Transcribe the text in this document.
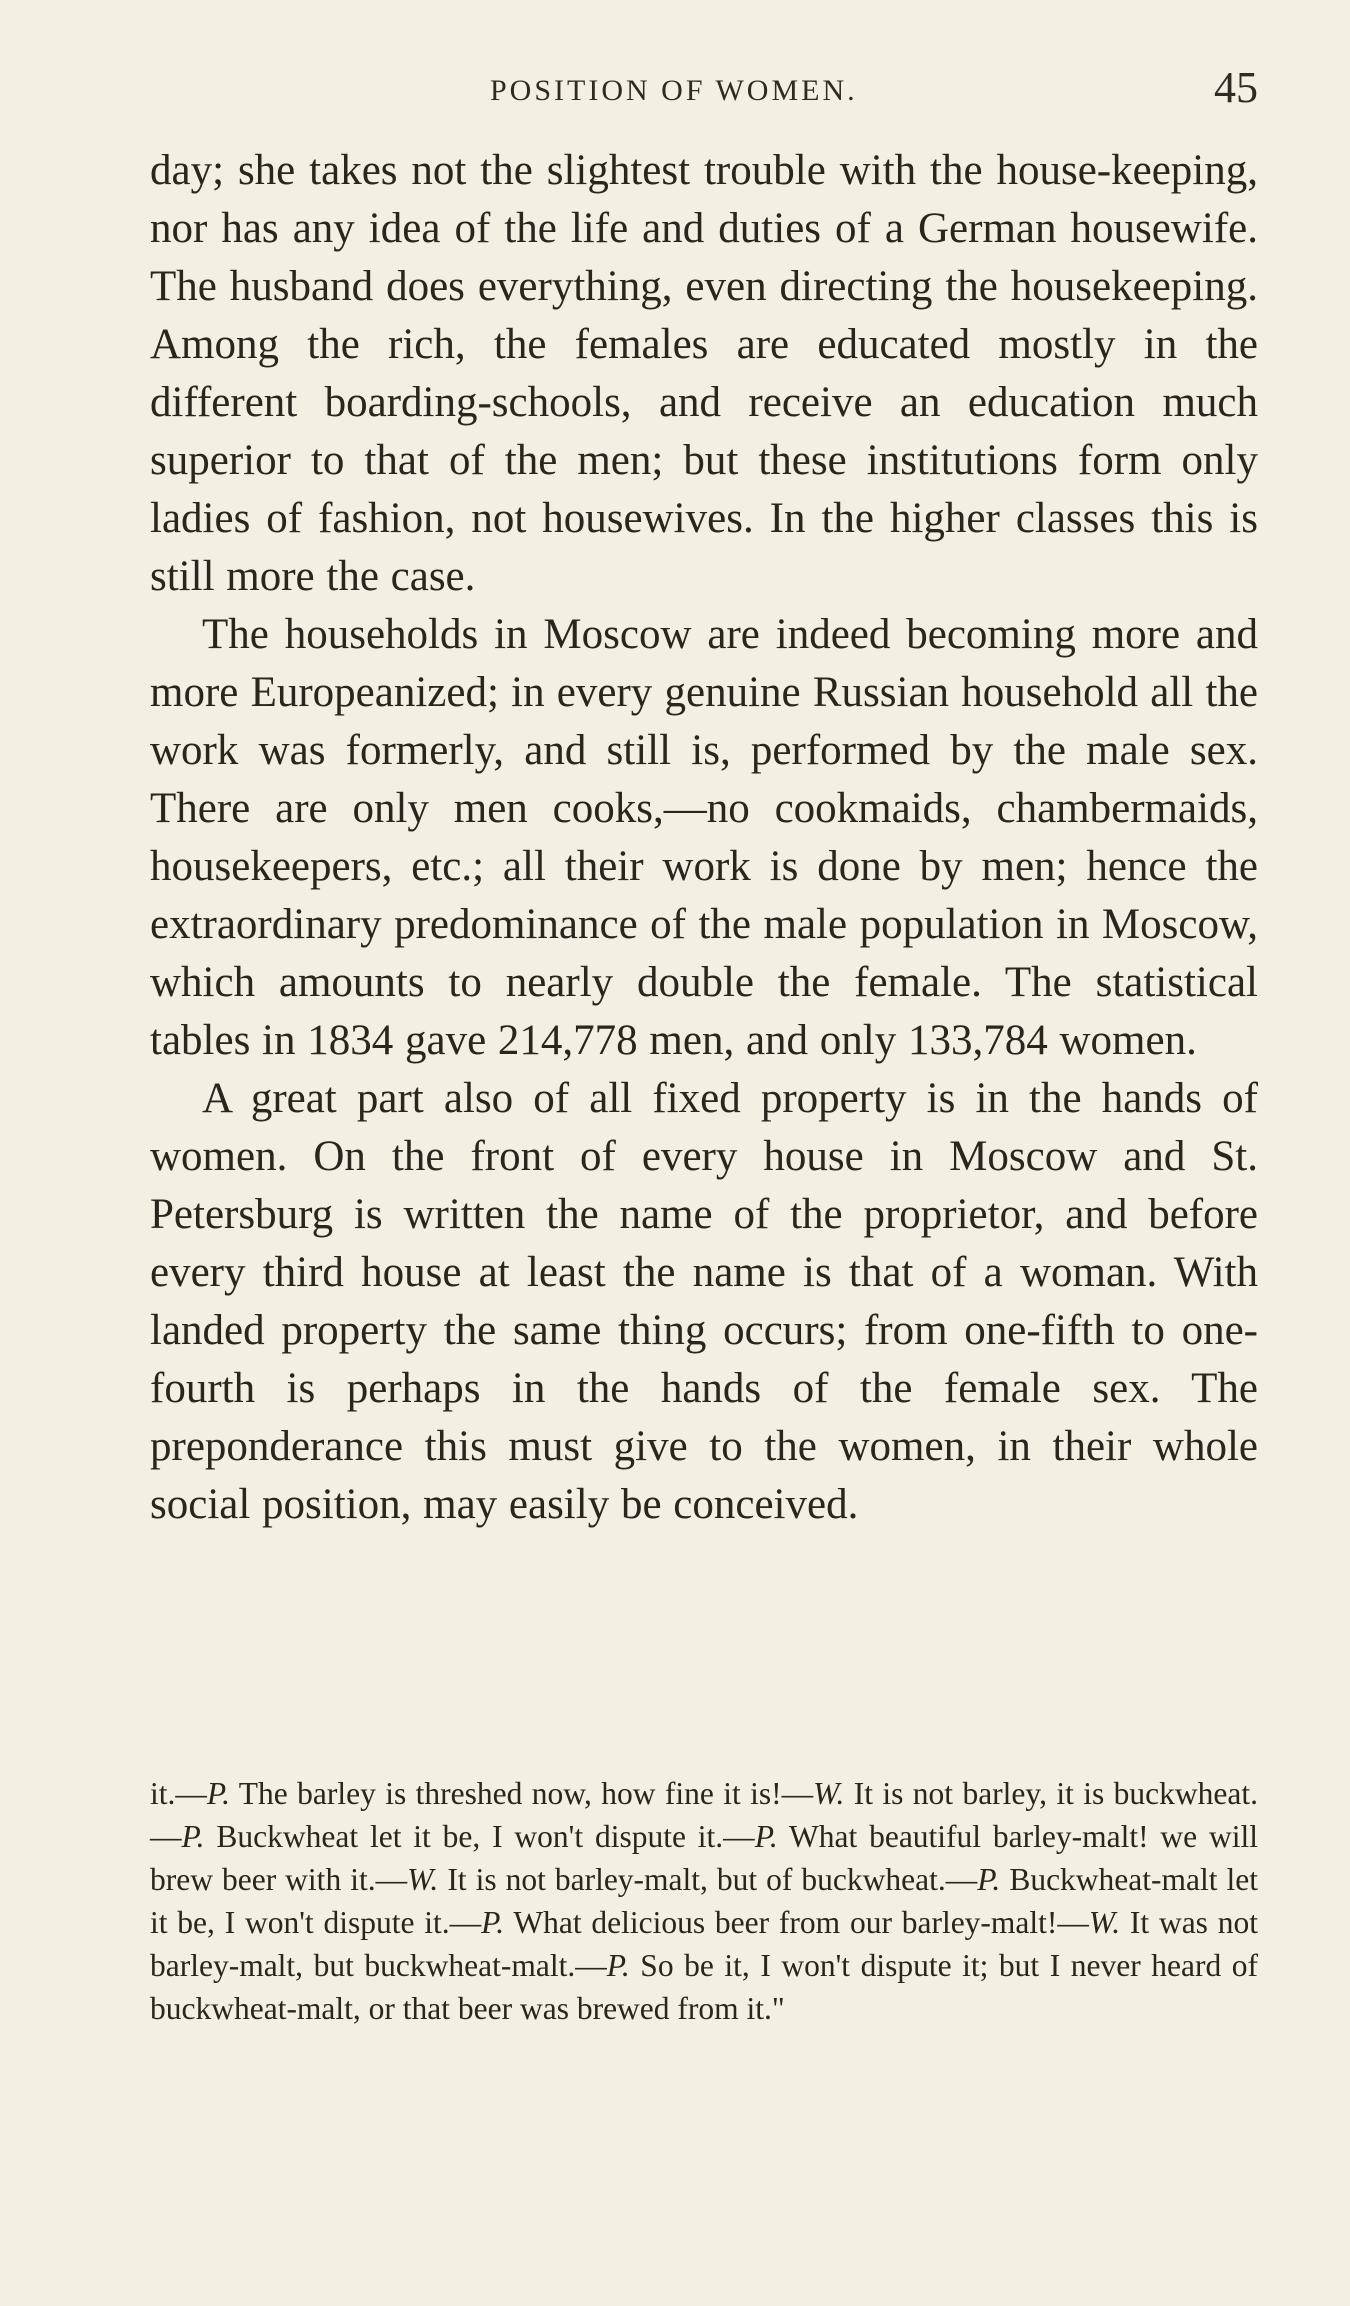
POSITION OF WOMEN.	45

day; she takes not the slightest trouble with the house-keeping, nor has any idea of the life and duties of a German housewife. The husband does everything, even directing the housekeeping. Among the rich, the females are educated mostly in the different boarding-schools, and receive an education much superior to that of the men; but these institutions form only ladies of fashion, not housewives. In the higher classes this is still more the case.

The households in Moscow are indeed becoming more and more Europeanized; in every genuine Russian household all the work was formerly, and still is, performed by the male sex. There are only men cooks,—no cookmaids, chambermaids, housekeepers, etc.; all their work is done by men; hence the extraordinary predominance of the male population in Moscow, which amounts to nearly double the female. The statistical tables in 1834 gave 214,778 men, and only 133,784 women.

A great part also of all fixed property is in the hands of women. On the front of every house in Moscow and St. Petersburg is written the name of the proprietor, and before every third house at least the name is that of a woman. With landed property the same thing occurs; from one-fifth to one-fourth is perhaps in the hands of the female sex. The preponderance this must give to the women, in their whole social position, may easily be conceived.

it.—P. The barley is threshed now, how fine it is!—W. It is not barley, it is buckwheat.—P. Buckwheat let it be, I won't dispute it.—P. What beautiful barley-malt! we will brew beer with it.—W. It is not barley-malt, but of buckwheat.—P. Buckwheat-malt let it be, I won't dispute it.—P. What delicious beer from our barley-malt!—W. It was not barley-malt, but buckwheat-malt.—P. So be it, I won't dispute it; but I never heard of buckwheat-malt, or that beer was brewed from it."
